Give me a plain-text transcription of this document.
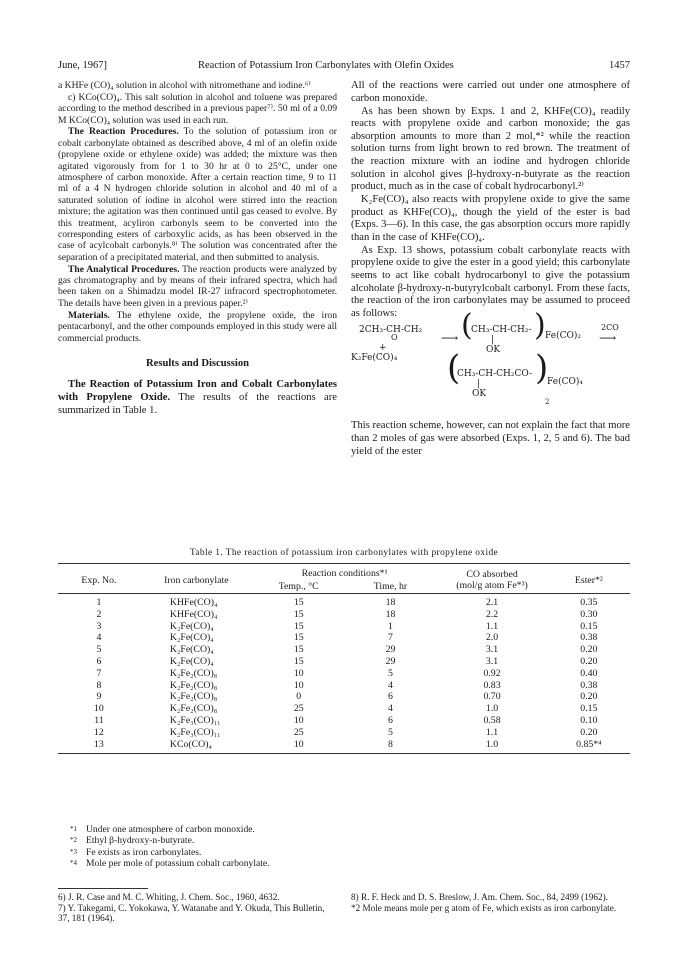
June, 1967]	Reaction of Potassium Iron Carbonylates with Olefin Oxides	1457

a KHFe (CO)₄ solution in alcohol with nitromethane and iodine.⁶⁾

c) KCo(CO)₄. This salt solution in alcohol and toluene was prepared according to the method described in a previous paper⁷⁾. 50 ml of a 0.09 M KCo(CO)₄ solution was used in each run.

The Reaction Procedures. To the solution of potassium iron or cobalt carbonylate obtained as described above, 4 ml of an olefin oxide (propylene oxide or ethylene oxide) was added; the mixture was then agitated vigorously from for 1 to 30 hr at 0 to 25°C, under one atmosphere of carbon monoxide. After a certain reaction time, 9 to 11 ml of a 4 N hydrogen chloride solution in alcohol and 40 ml of a saturated solution of iodine in alcohol were stirred into the reaction mixture; the agitation was then continued until gas ceased to evolve. By this treatment, acyliron carbonyls seem to be converted into the corresponding esters of carboxylic acids, as has been observed in the case of acylcobalt carbonyls.⁸⁾ The solution was concentrated after the separation of a precipitated material, and then submitted to analysis.

The Analytical Procedures. The reaction products were analyzed by gas chromatography and by means of their infrared spectra, which had been taken on a Shimadzu model IR-27 infracord spectrophotometer. The details have been given in a previous paper.²⁾

Materials. The ethylene oxide, the propylene oxide, the iron pentacarbonyl, and the other compounds employed in this study were all commercial products.

Results and Discussion

The Reaction of Potassium Iron and Cobalt Carbonylates with Propylene Oxide. The results of the reactions are summarized in Table 1.

All of the reactions were carried out under one atmosphere of carbon monoxide.

As has been shown by Exps. 1 and 2, KHFe(CO)₄ readily reacts with propylene oxide and carbon monoxide; the gas absorption amounts to more than 2 mol,*² while the reaction solution turns from light brown to red brown. The treatment of the reaction mixture with an iodine and hydrogen chloride solution in alcohol gives β-hydroxy-n-butyrate as the reaction product, much as in the case of cobalt hydrocarbonyl.²⁾

K₂Fe(CO)₄ also reacts with propylene oxide to give the same product as KHFe(CO)₄, though the yield of the ester is bad (Exps. 3—6). In this case, the gas absorption occurs more rapidly than in the case of KHFe(CO)₄.

As Exp. 13 shows, potassium cobalt carbonylate reacts with propylene oxide to give the ester in a good yield; this carbonylate seems to act like cobalt hydrocarbonyl to give the potassium alcoholate β-hydroxy-n-butyrylcobalt carbonyl. From these facts, the reaction of the iron carbonylates may be assumed to proceed as follows:

2CH₃-CH-CH₂
O
+
K₂Fe(CO)₄
⟶ (
CH₃-CH-CH₂-
|
OK
) Fe(CO)₂
2CO
⟶
(
CH₃-CH-CH₂CO-
|
OK
)
Fe(CO)₄
2

This reaction scheme, however, can not explain the fact that more than 2 moles of gas were absorbed (Exps. 1, 2, 5 and 6). The bad yield of the ester

Table 1. The reaction of potassium iron carbonylates with propylene oxide
Exp. No.	Iron carbonylate	Reaction conditions*¹		CO absorbed
(mol/g atom Fe*³)	Ester*²
		Temp., °C	Time, hr		
1	KHFe(CO)₄	15	18	2.1	0.35
2	KHFe(CO)₄	15	18	2.2	0.30
3	K₂Fe(CO)₄	15	1	1.1	0.15
4	K₂Fe(CO)₄	15	7	2.0	0.38
5	K₂Fe(CO)₄	15	29	3.1	0.20
6	K₂Fe(CO)₄	15	29	3.1	0.20
7	K₂Fe₂(CO)₈	10	5	0.92	0.40
8	K₂Fe₂(CO)₈	10	4	0.83	0.38
9	K₂Fe₂(CO)₈	0	6	0.70	0.20
10	K₂Fe₂(CO)₈	25	4	1.0	0.15
11	K₂Fe₃(CO)₁₁	10	6	0.58	0.10
12	K₂Fe₃(CO)₁₁	25	5	1.1	0.20
13	KCo(CO)₄	10	8	1.0	0.85*⁴
*1 Under one atmosphere of carbon monoxide.
*2 Ethyl β-hydroxy-n-butyrate.
*3 Fe exists as iron carbonylates.
*4 Mole per mole of potassium cobalt carbonylate.

6) J. R. Case and M. C. Whiting, J. Chem. Soc., 1960, 4632.

7) Y. Takegami, C. Yokokawa, Y. Watanabe and Y. Okuda, This Bulletin, 37, 181 (1964).

8) R. F. Heck and D. S. Breslow, J. Am. Chem. Soc., 84, 2499 (1962).

*2 Mole means mole per g atom of Fe, which exists as iron carbonylate.
